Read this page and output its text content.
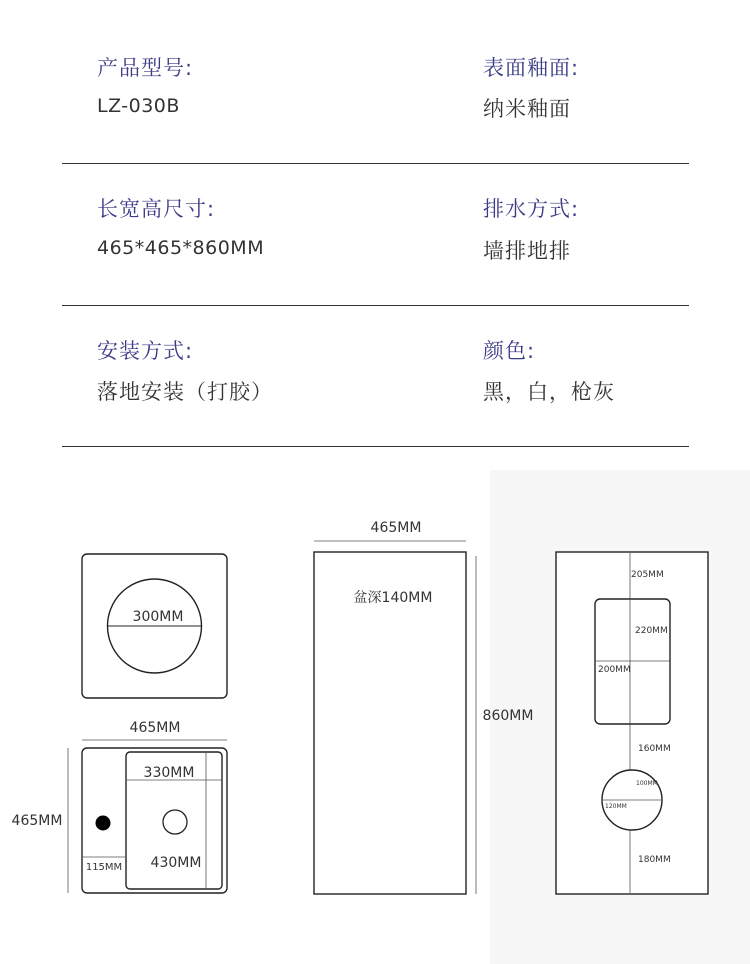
产品型号:
LZ-030B
表面釉面:
纳米釉面
长宽高尺寸:
465*465*860MM
排水方式:
墙排地排
安装方式:
落地安装（打胶）
颜色:
黑，白，枪灰
300MM
465MM
465MM
330MM
115MM 430MM
465MM
盆深140MM
860MM
205MM
220MM
200MM
160MM
100MM
120MM
180MM
